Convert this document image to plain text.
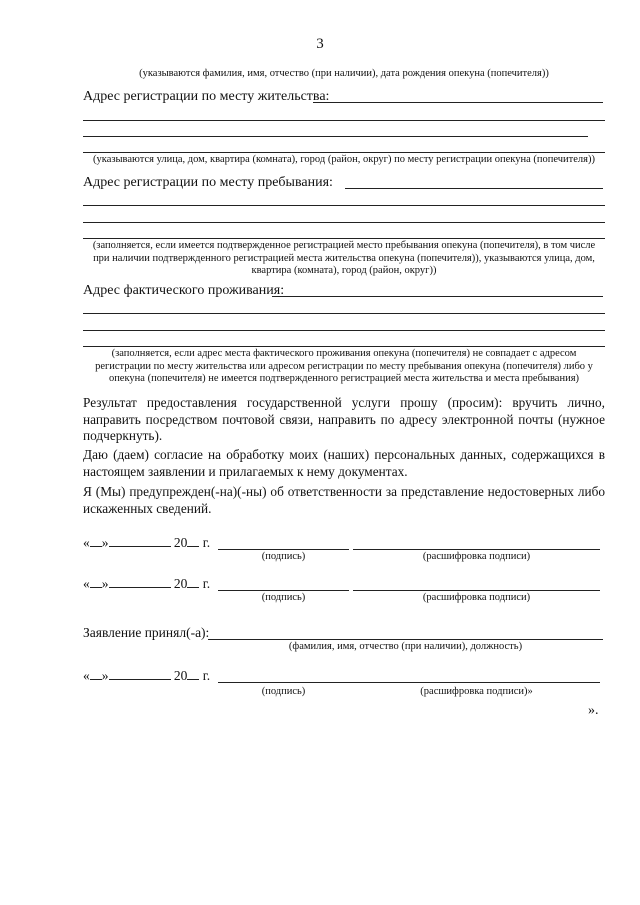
3
(указываются фамилия, имя, отчество (при наличии), дата рождения опекуна (попечителя))
Адрес регистрации по месту жительства:
(указываются улица, дом, квартира (комната), город (район, округ) по месту регистрации опекуна (попечителя))
Адрес регистрации по месту пребывания:
(заполняется, если имеется подтвержденное регистрацией место пребывания опекуна (попечителя), в том числе
при наличии подтвержденного регистрацией места жительства опекуна (попечителя)), указываются улица, дом,
квартира (комната), город (район, округ))
Адрес фактического проживания:
(заполняется, если адрес места фактического проживания опекуна (попечителя) не совпадает с адресом
регистрации по месту жительства или адресом регистрации по месту пребывания опекуна (попечителя) либо у
опекуна (попечителя) не имеется подтвержденного регистрацией места жительства и места пребывания)
Результат предоставления государственной услуги прошу (просим): вручить лично, направить посредством почтовой связи, направить по адресу электронной почты (нужное подчеркнуть).
Даю (даем) согласие на обработку моих (наших) персональных данных, содержащихся в настоящем заявлении и прилагаемых к нему документах.
Я (Мы) предупрежден(-на)(-ны) об ответственности за представление недостоверных либо искаженных сведений.
« »	20 г.
(подпись)	(расшифровка подписи)
« »	20 г.
(подпись)	(расшифровка подписи)
Заявление принял(-а):
(фамилия, имя, отчество (при наличии), должность)
« »	20 г.
(подпись)	(расшифровка подписи)»
».
